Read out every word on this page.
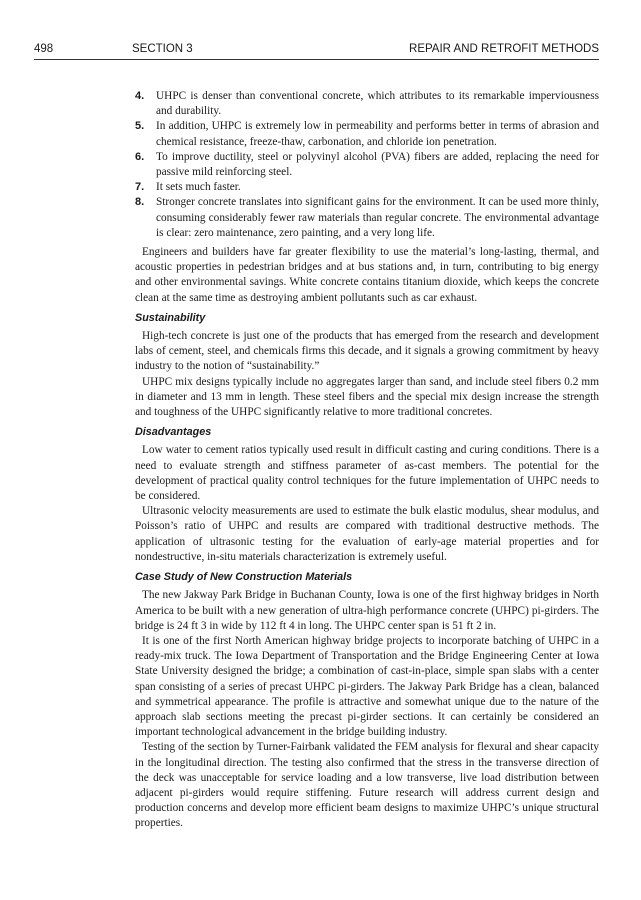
498	SECTION 3	REPAIR AND RETROFIT METHODS
4. UHPC is denser than conventional concrete, which attributes to its remarkable imperviousness and durability.
5. In addition, UHPC is extremely low in permeability and performs better in terms of abrasion and chemical resistance, freeze-thaw, carbonation, and chloride ion penetration.
6. To improve ductility, steel or polyvinyl alcohol (PVA) fibers are added, replacing the need for passive mild reinforcing steel.
7. It sets much faster.
8. Stronger concrete translates into significant gains for the environment. It can be used more thinly, consuming considerably fewer raw materials than regular concrete. The environmental advantage is clear: zero maintenance, zero painting, and a very long life.

Engineers and builders have far greater flexibility to use the material’s long-lasting, thermal, and acoustic properties in pedestrian bridges and at bus stations and, in turn, contributing to big energy and other environmental savings. White concrete contains titanium dioxide, which keeps the concrete clean at the same time as destroying ambient pollutants such as car exhaust.

Sustainability

High-tech concrete is just one of the products that has emerged from the research and development labs of cement, steel, and chemicals firms this decade, and it signals a growing commitment by heavy industry to the notion of “sustainability.”

UHPC mix designs typically include no aggregates larger than sand, and include steel fibers 0.2 mm in diameter and 13 mm in length. These steel fibers and the special mix design increase the strength and toughness of the UHPC significantly relative to more traditional concretes.

Disadvantages

Low water to cement ratios typically used result in difficult casting and curing conditions. There is a need to evaluate strength and stiffness parameter of as-cast members. The potential for the development of practical quality control techniques for the future implementation of UHPC needs to be considered.

Ultrasonic velocity measurements are used to estimate the bulk elastic modulus, shear modulus, and Poisson’s ratio of UHPC and results are compared with traditional destructive methods. The application of ultrasonic testing for the evaluation of early-age material properties and for nondestructive, in-situ materials characterization is extremely useful.

Case Study of New Construction Materials

The new Jakway Park Bridge in Buchanan County, Iowa is one of the first highway bridges in North America to be built with a new generation of ultra-high performance concrete (UHPC) pi-girders. The bridge is 24 ft 3 in wide by 112 ft 4 in long. The UHPC center span is 51 ft 2 in.

It is one of the first North American highway bridge projects to incorporate batching of UHPC in a ready-mix truck. The Iowa Department of Transportation and the Bridge Engineering Center at Iowa State University designed the bridge; a combination of cast-in-place, simple span slabs with a center span consisting of a series of precast UHPC pi-girders. The Jakway Park Bridge has a clean, balanced and symmetrical appearance. The profile is attractive and somewhat unique due to the nature of the approach slab sections meeting the precast pi-girder sections. It can certainly be considered an important technological advancement in the bridge building industry.

Testing of the section by Turner-Fairbank validated the FEM analysis for flexural and shear capacity in the longitudinal direction. The testing also confirmed that the stress in the transverse direction of the deck was unacceptable for service loading and a low transverse, live load distribution between adjacent pi-girders would require stiffening. Future research will address current design and production concerns and develop more efficient beam designs to maximize UHPC’s unique structural properties.
